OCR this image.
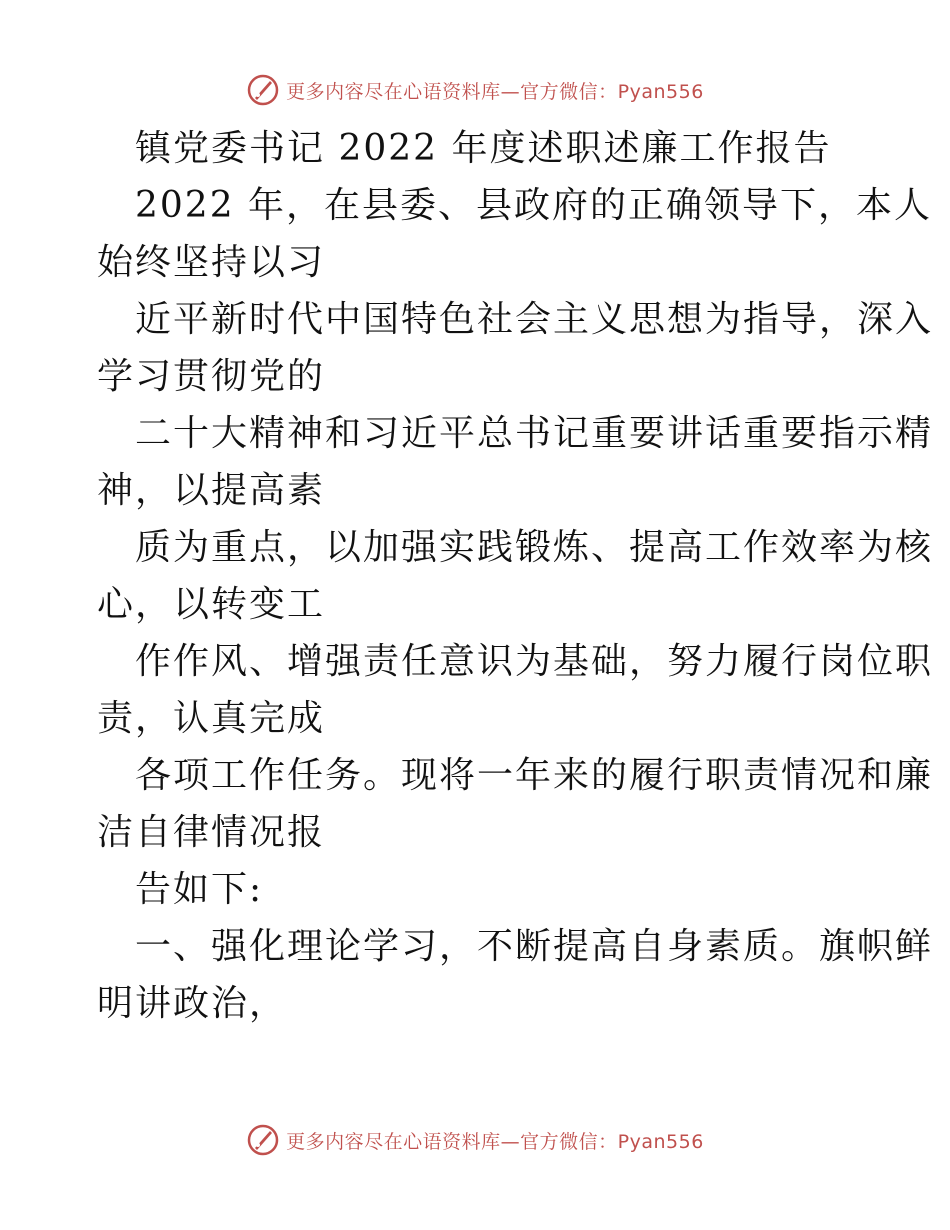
更多内容尽在心语资料库—官方微信：Pyan556
镇党委书记 2022 年度述职述廉工作报告
2022 年，在县委、县政府的正确领导下，本人
始终坚持以习
近平新时代中国特色社会主义思想为指导，深入
学习贯彻党的
二十大精神和习近平总书记重要讲话重要指示精
神，以提高素
质为重点，以加强实践锻炼、提高工作效率为核
心，以转变工
作作风、增强责任意识为基础，努力履行岗位职
责，认真完成
各项工作任务。现将一年来的履行职责情况和廉
洁自律情况报
告如下:
一、强化理论学习，不断提高自身素质。旗帜鲜
明讲政治，
更多内容尽在心语资料库—官方微信：Pyan556
